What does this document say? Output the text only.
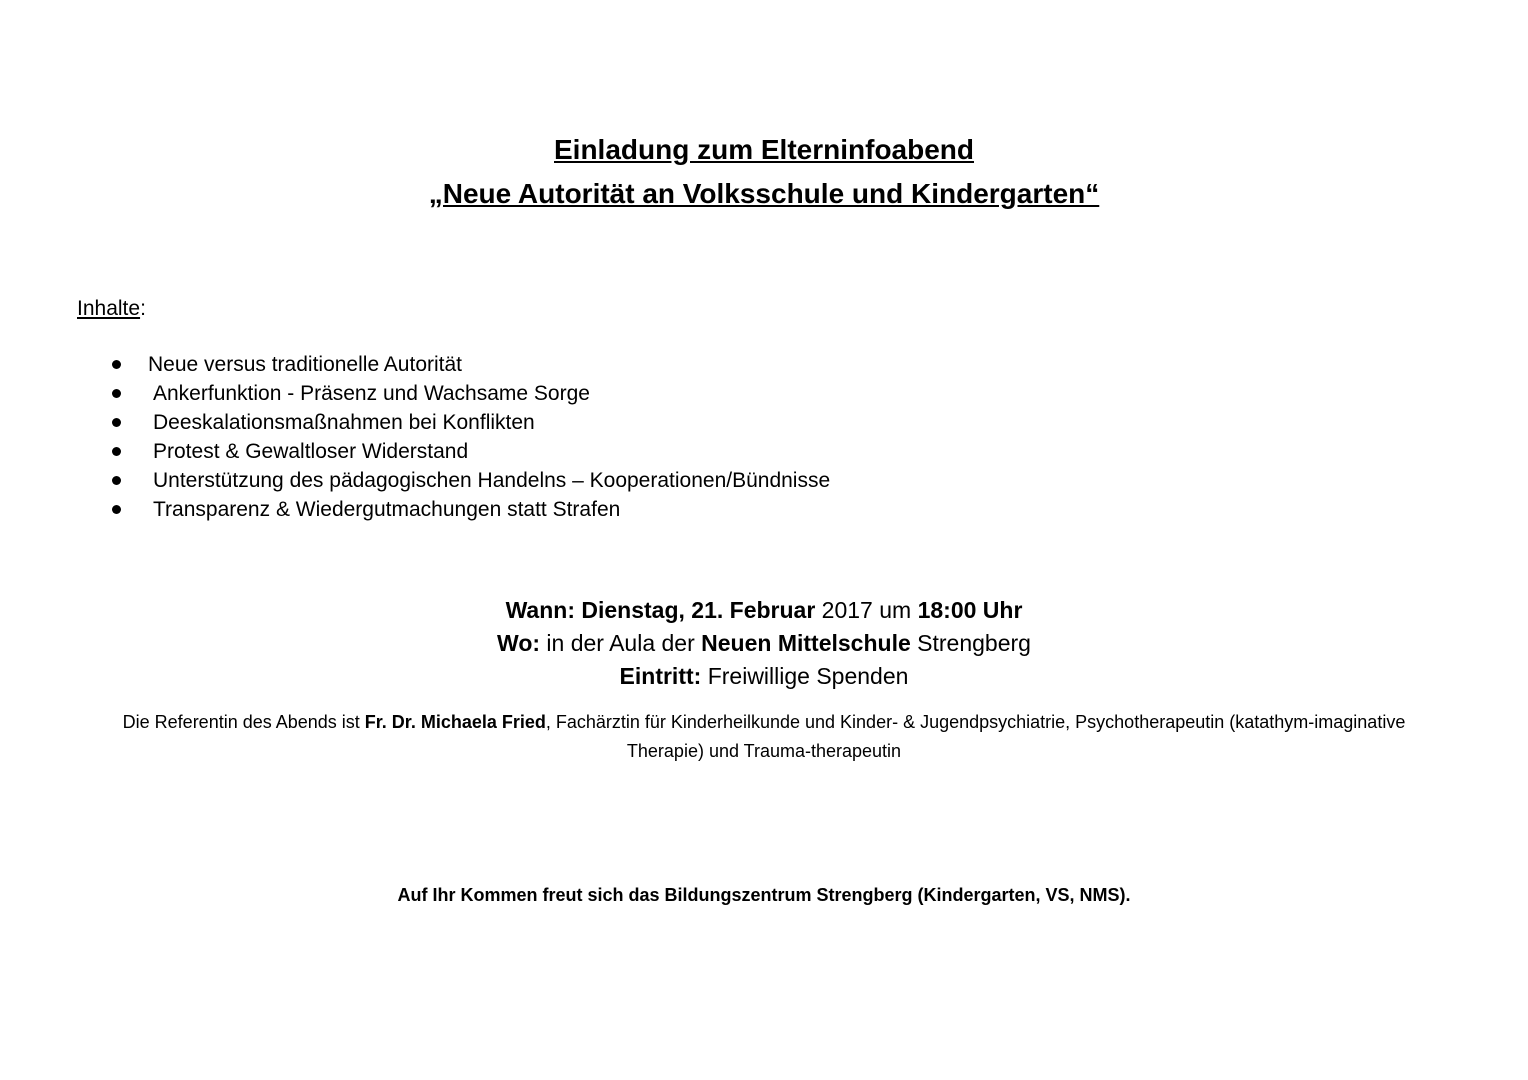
Einladung zum Elterninfoabend
„Neue Autorität an Volksschule und Kindergarten“
Inhalte:
Neue versus traditionelle Autorität
Ankerfunktion - Präsenz und Wachsame Sorge
Deeskalationsmaßnahmen bei Konflikten
Protest & Gewaltloser Widerstand
Unterstützung des pädagogischen Handelns – Kooperationen/Bündnisse
Transparenz & Wiedergutmachungen statt Strafen
Wann: Dienstag, 21. Februar 2017 um 18:00 Uhr
Wo: in der Aula der Neuen Mittelschule Strengberg
Eintritt: Freiwillige Spenden
Die Referentin des Abends ist Fr. Dr. Michaela Fried, Fachärztin für Kinderheilkunde und Kinder- & Jugendpsychiatrie, Psychotherapeutin (katathym-imaginative Therapie) und Trauma-therapeutin
Auf Ihr Kommen freut sich das Bildungszentrum Strengberg (Kindergarten, VS, NMS).
